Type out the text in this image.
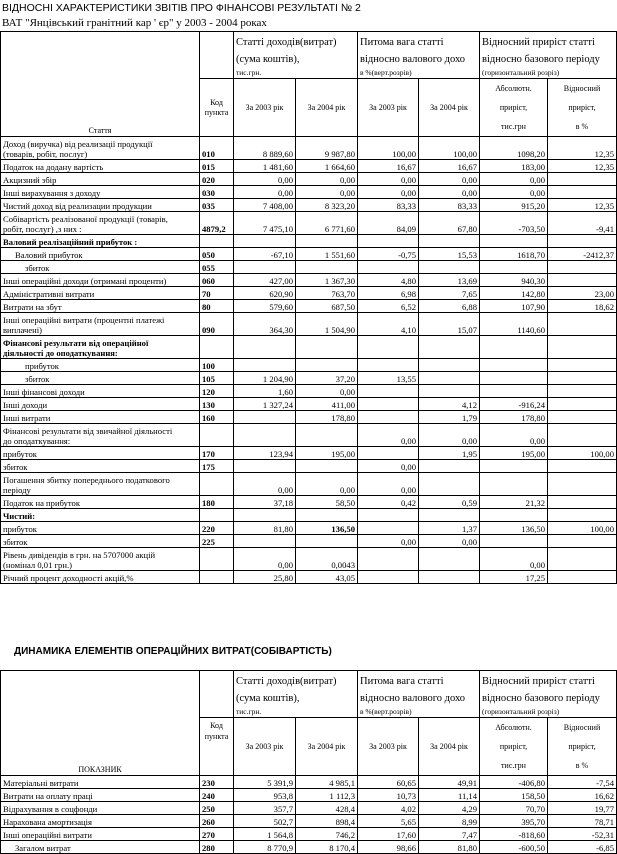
ВІДНОСНІ ХАРАКТЕРИСТИКИ ЗВІТІВ ПРО ФІНАНСОВІ РЕЗУЛЬТАТІ № 2
ВАТ "Янцівський гранітний кар ' єр" у 2003 - 2004 роках
		Статті доходів(витрат)		Питома вага статті		Відносний приріст статті	
		(сума коштів),		відносно валового дохо		відносно базового періоду	
		тис.грн.		в %(верт.розрів)		(горизонтальний розріз)	
Стаття	Код
пункта	За 2003 рік	За 2004 рік	За 2003 рік	За 2004 рік	Абсолютн.
приріст,
тис.грн	Відносний
приріст,
в %
Доход (виручка) від реализації продукції
(товарів, робіт, послуг)	010	8 889,60	9 987,80	100,00	100,00	1098,20	12,35
Податок на додану вартість	015	1 481,60	1 664,60	16,67	16,67	183,00	12,35
Акцизний збір	020	0,00	0,00	0,00	0,00	0,00	
Інші вирахування з доходу	030	0,00	0,00	0,00	0,00	0,00	
Чистий доход від реализации продукции	035	7 408,00	8 323,20	83,33	83,33	915,20	12,35
Собівартість реалізованої продукції (товарів,
робіт, послуг) ,з них :	4879,2	7 475,10	6 771,60	84,09	67,80	-703,50	-9,41
Валовий реалізаційний прибуток :							
Валовий прибуток	050	-67,10	1 551,60	-0,75	15,53	1618,70	-2412,37
збиток	055						
Інші операційні доходи (отримані проценти)	060	427,00	1 367,30	4,80	13,69	940,30	
Адміністративні витрати	70	620,90	763,70	6,98	7,65	142,80	23,00
Витрати на збут	80	579,60	687,50	6,52	6,88	107,90	18,62
Інші операційні витрати (процентні платежі
виплачені)	090	364,30	1 504,90	4,10	15,07	1140,60	
Фінансові результати від операційної
діяльності до оподаткування:							
прибуток	100						
збиток	105	1 204,90	37,20	13,55			
Інші фінансові доходи	120	1,60	0,00				
Інші доходи	130	1 327,24	411,00		4,12	-916,24	
Інші витрати	160		178,80		1,79	178,80	
Фінансові результати від звичайної діяльності
до оподаткування:				0,00	0,00	0,00	
прибуток	170	123,94	195,00		1,95	195,00	100,00
збиток	175			0,00			
Погашення збитку попереднього податкового
періоду		0,00	0,00	0,00			
Податок на прибуток	180	37,18	58,50	0,42	0,59	21,32	
Чистий:							
прибуток	220	81,80	136,50		1,37	136,50	100,00
збиток	225			0,00	0,00		
Рівень дивідендів в грн. на 5707000 акцій
(номінал 0,01 грн.)		0,00	0,0043			0,00	
Річний процент доходності акцій,%		25,80	43,05			17,25	
ДИНАМИКА ЕЛЕМЕНТІВ ОПЕРАЦІЙНИХ ВИТРАТ(СОБІВАРТІСТЬ)
		Статті доходів(витрат)		Питома вага статті		Відносний приріст статті	
		(сума коштів),		відносно валового дохо		відносно базового періоду	
		тис.грн.		в %(верт.розрів)		(горизонтальний розріз)	
ПОКАЗНИК	Код
пункта	За 2003 рік	За 2004 рік	За 2003 рік	За 2004 рік	Абсолютн.
приріст,
тис.грн	Відносний
приріст,
в %
Матеріальні витрати	230	5 391,9	4 985,1	60,65	49,91	-406,80	-7,54
Витрати на оплату праці	240	953,8	1 112,3	10,73	11,14	158,50	16,62
Відрахування в соцфонди	250	357,7	428,4	4,02	4,29	70,70	19,77
Нарахована амортизація	260	502,7	898,4	5,65	8,99	395,70	78,71
Інші операційні витрати	270	1 564,8	746,2	17,60	7,47	-818,60	-52,31
Загалом витрат	280	8 770,9	8 170,4	98,66	81,80	-600,50	-6,85
